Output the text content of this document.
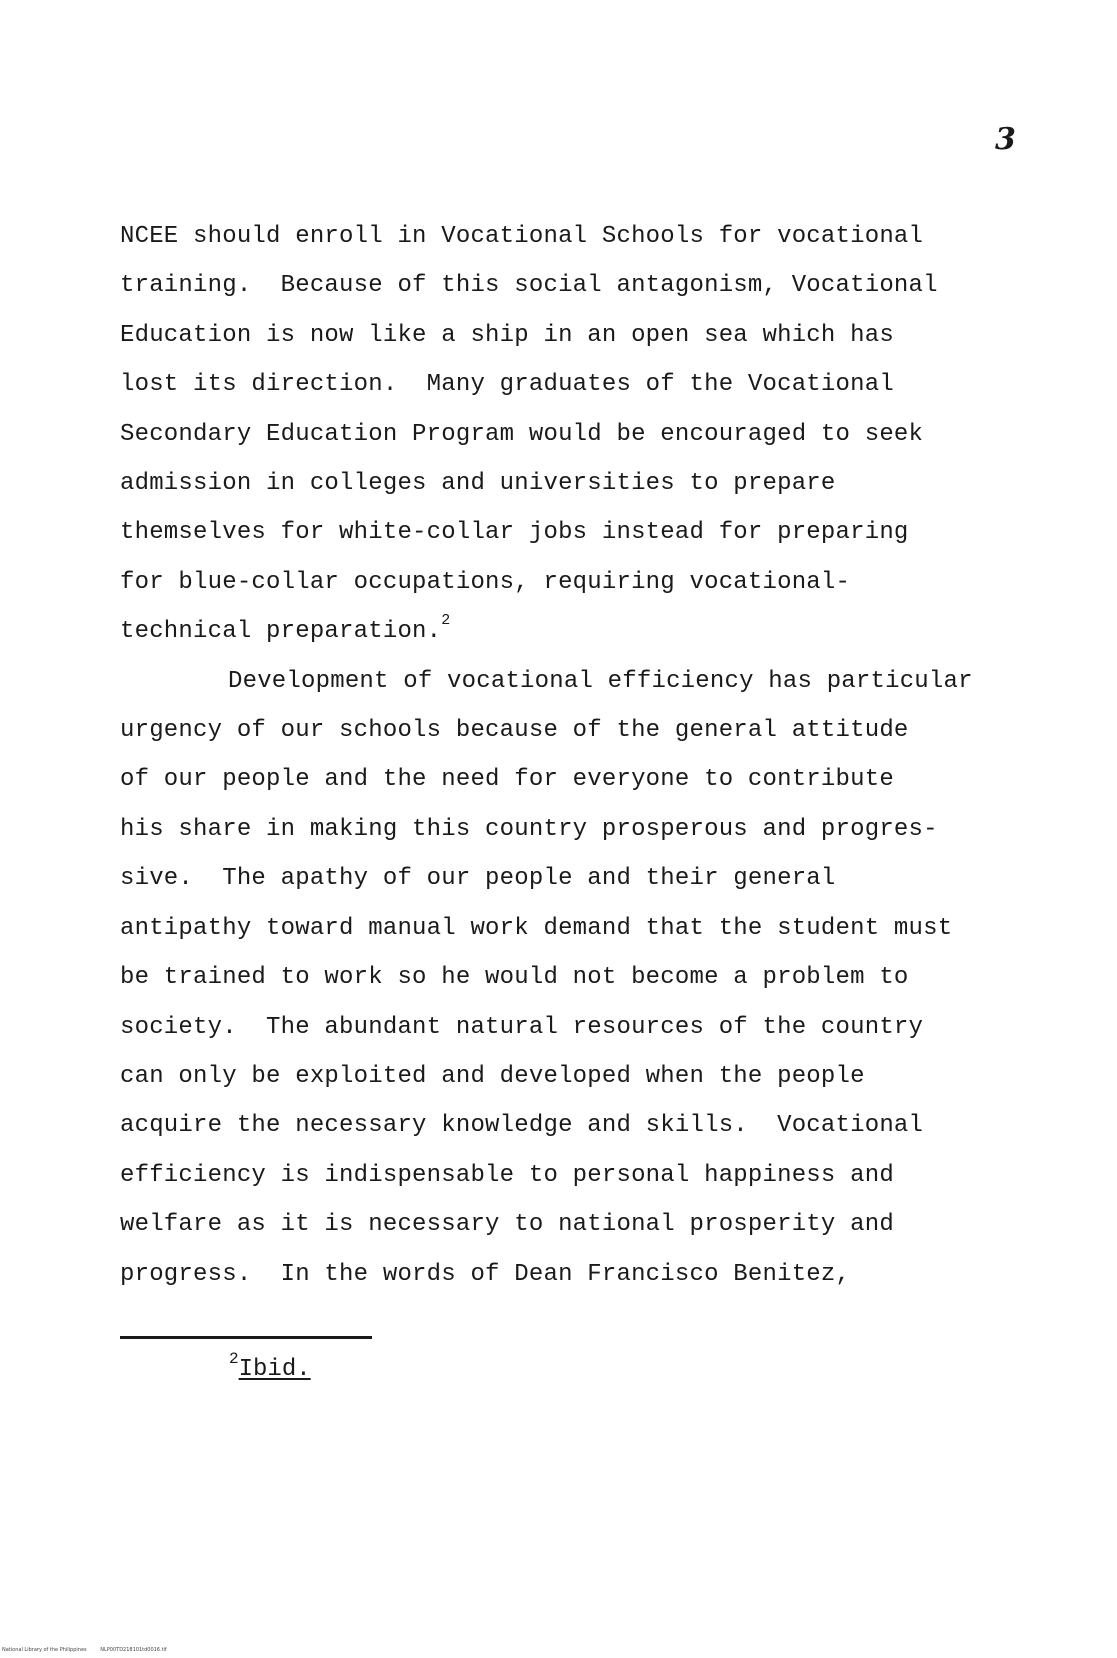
3
NCEE should enroll in Vocational Schools for vocational
training.  Because of this social antagonism, Vocational
Education is now like a ship in an open sea which has
lost its direction.  Many graduates of the Vocational
Secondary Education Program would be encouraged to seek
admission in colleges and universities to prepare
themselves for white-collar jobs instead for preparing
for blue-collar occupations, requiring vocational-
technical preparation.$^2$
Development of vocational efficiency has particular
urgency of our schools because of the general attitude
of our people and the need for everyone to contribute
his share in making this country prosperous and progres-
sive.  The apathy of our people and their general
antipathy toward manual work demand that the student must
be trained to work so he would not become a problem to
society.  The abundant natural resources of the country
can only be exploited and developed when the people
acquire the necessary knowledge and skills.  Vocational
efficiency is indispensable to personal happiness and
welfare as it is necessary to national prosperity and
progress.  In the words of Dean Francisco Benitez,
$^2$Ibid.
National Library of the Philippines	NLP00TD218101td0016.tif
